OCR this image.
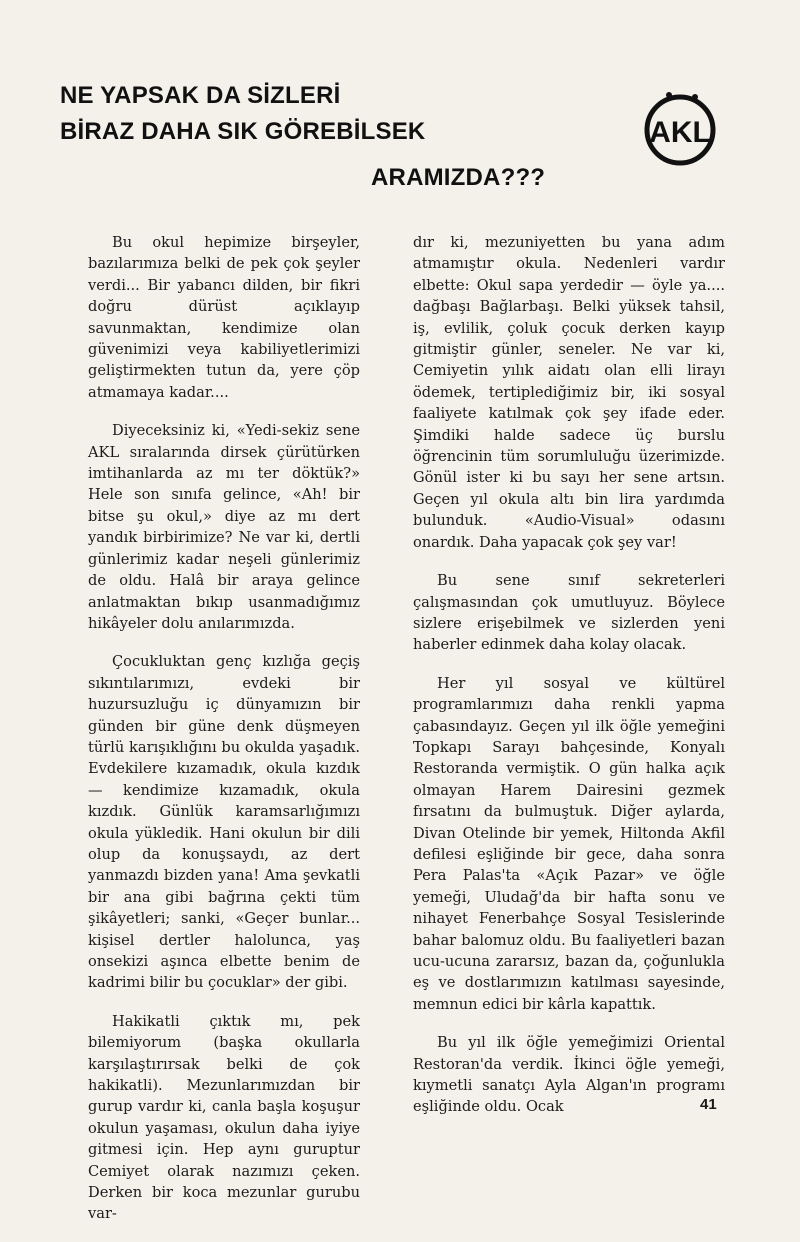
NE YAPSAK DA SİZLERİ
BİRAZ DAHA SIK GÖREBİLSEK
ARAMIZDA???
AKL

Bu okul hepimize birşeyler, bazılarımıza belki de pek çok şeyler verdi... Bir yabancı dilden, bir fikri doğru dürüst açıklayıp savunmaktan, kendimize olan güvenimizi veya kabiliyetlerimizi geliştirmekten tutun da, yere çöp atmamaya kadar....

Diyeceksiniz ki, «Yedi-sekiz sene AKL sıralarında dirsek çürütürken imtihanlarda az mı ter döktük?» Hele son sınıfa gelince, «Ah! bir bitse şu okul,» diye az mı dert yandık birbirimize? Ne var ki, dertli günlerimiz kadar neşeli günlerimiz de oldu. Halâ bir araya gelince anlatmaktan bıkıp usanmadığımız hikâyeler dolu anılarımızda.

Çocukluktan genç kızlığa geçiş sıkıntılarımızı, evdeki bir huzursuzluğu iç dünyamızın bir günden bir güne denk düşmeyen türlü karışıklığını bu okulda yaşadık. Evdekilere kızamadık, okula kızdık — kendimize kızamadık, okula kızdık. Günlük karamsarlığımızı okula yükledik. Hani okulun bir dili olup da konuşsaydı, az dert yanmazdı bizden yana! Ama şevkatli bir ana gibi bağrına çekti tüm şikâyetleri; sanki, «Geçer bunlar... kişisel dertler halolunca, yaş onsekizi aşınca elbette benim de kadrimi bilir bu çocuklar» der gibi.

Hakikatli çıktık mı, pek bilemiyorum (başka okullarla karşılaştırırsak belki de çok hakikatli). Mezunlarımızdan bir gurup vardır ki, canla başla koşuşur okulun yaşaması, okulun daha iyiye gitmesi için. Hep aynı guruptur Cemiyet olarak nazımızı çeken. Derken bir koca mezunlar gurubu var-

dır ki, mezuniyetten bu yana adım atmamıştır okula. Nedenleri vardır elbette: Okul sapa yerdedir — öyle ya.... dağbaşı Bağlarbaşı. Belki yüksek tahsil, iş, evlilik, çoluk çocuk derken kayıp gitmiştir günler, seneler. Ne var ki, Cemiyetin yılık aidatı olan elli lirayı ödemek, tertiplediğimiz bir, iki sosyal faaliyete katılmak çok şey ifade eder. Şimdiki halde sadece üç burslu öğrencinin tüm sorumluluğu üzerimizde. Gönül ister ki bu sayı her sene artsın. Geçen yıl okula altı bin lira yardımda bulunduk. «Audio-Visual» odasını onardık. Daha yapacak çok şey var!

Bu sene sınıf sekreterleri çalışmasından çok umutluyuz. Böylece sizlere erişebilmek ve sizlerden yeni haberler edinmek daha kolay olacak.

Her yıl sosyal ve kültürel programlarımızı daha renkli yapma çabasındayız. Geçen yıl ilk öğle yemeğini Topkapı Sarayı bahçesinde, Konyalı Restoranda vermiştik. O gün halka açık olmayan Harem Dairesini gezmek fırsatını da bulmuştuk. Diğer aylarda, Divan Otelinde bir yemek, Hiltonda Akfil defilesi eşliğinde bir gece, daha sonra Pera Palas'ta «Açık Pazar» ve öğle yemeği, Uludağ'da bir hafta sonu ve nihayet Fenerbahçe Sosyal Tesislerinde bahar balomuz oldu. Bu faaliyetleri bazan ucu-ucuna zararsız, bazan da, çoğunlukla eş ve dostlarımızın katılması sayesinde, memnun edici bir kârla kapattık.

Bu yıl ilk öğle yemeğimizi Oriental Restoran'da verdik. İkinci öğle yemeği, kıymetli sanatçı Ayla Algan'ın programı eşliğinde oldu. Ocak	41
